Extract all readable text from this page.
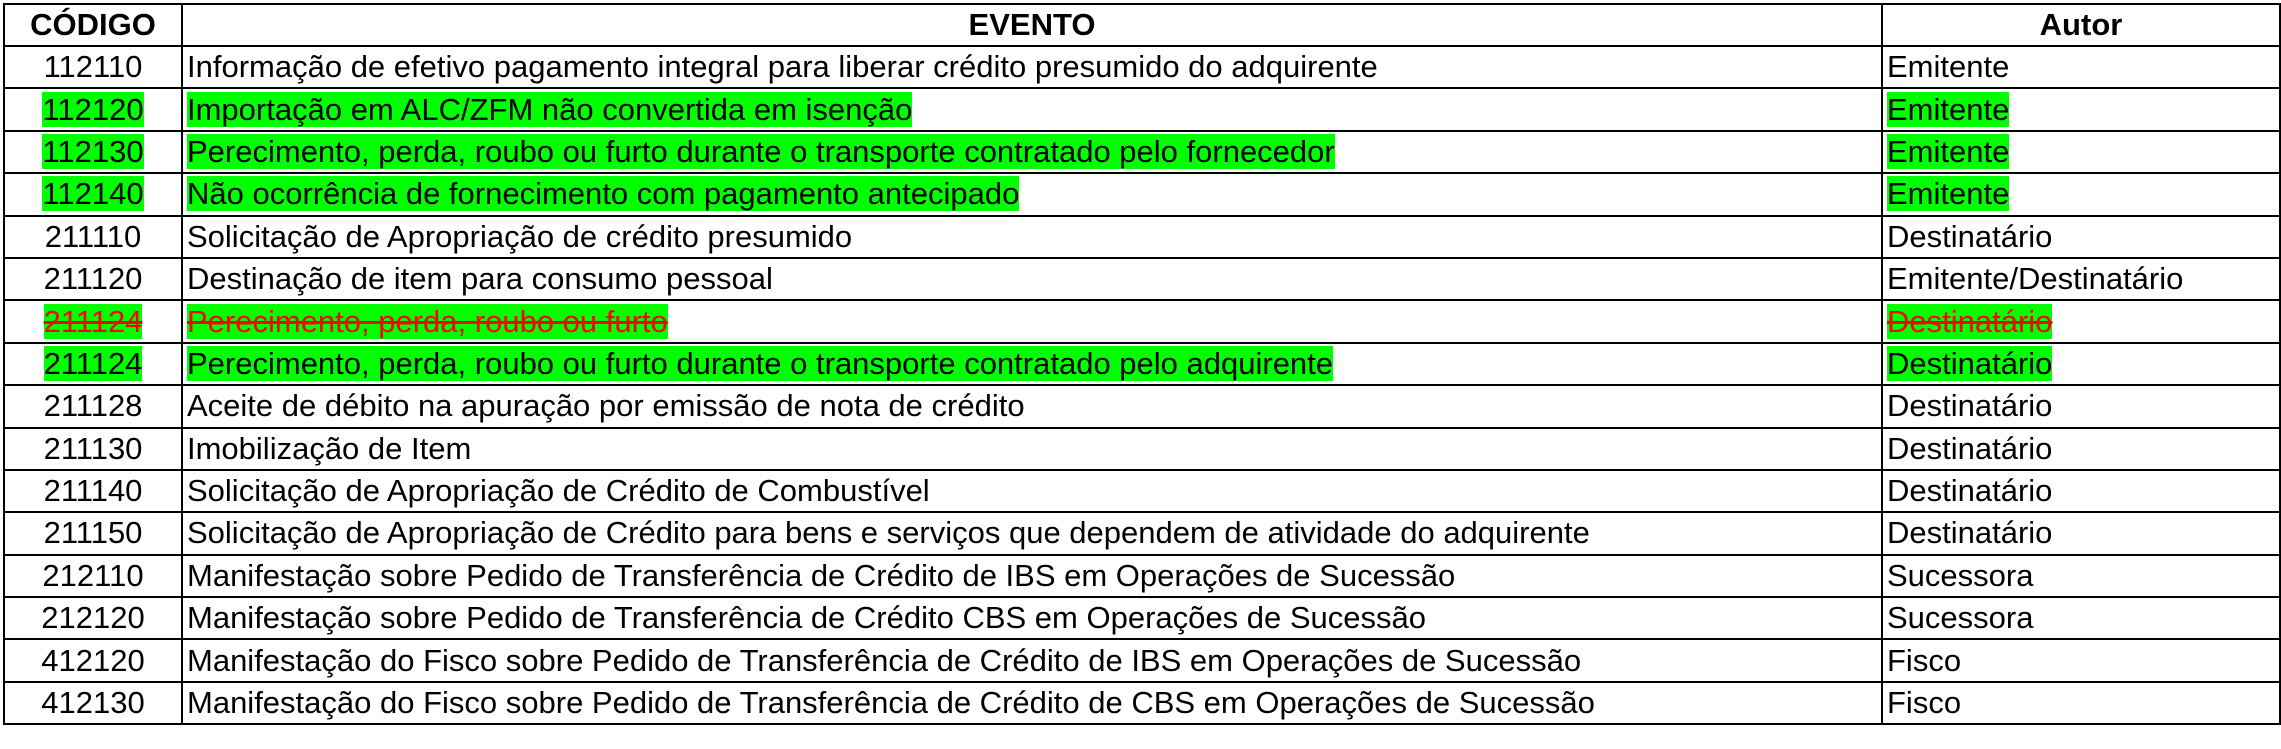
CÓDIGO	EVENTO	Autor
112110	Informação de efetivo pagamento integral para liberar crédito presumido do adquirente	Emitente
112120	Importação em ALC/ZFM não convertida em isenção	Emitente
112130	Perecimento, perda, roubo ou furto durante o transporte contratado pelo fornecedor	Emitente
112140	Não ocorrência de fornecimento com pagamento antecipado	Emitente
211110	Solicitação de Apropriação de crédito presumido	Destinatário
211120	Destinação de item para consumo pessoal	Emitente/Destinatário
211124	Perecimento, perda, roubo ou furto	Destinatário
211124	Perecimento, perda, roubo ou furto durante o transporte contratado pelo adquirente	Destinatário
211128	Aceite de débito na apuração por emissão de nota de crédito	Destinatário
211130	Imobilização de Item	Destinatário
211140	Solicitação de Apropriação de Crédito de Combustível	Destinatário
211150	Solicitação de Apropriação de Crédito para bens e serviços que dependem de atividade do adquirente	Destinatário
212110	Manifestação sobre Pedido de Transferência de Crédito de IBS em Operações de Sucessão	Sucessora
212120	Manifestação sobre Pedido de Transferência de Crédito CBS em Operações de Sucessão	Sucessora
412120	Manifestação do Fisco sobre Pedido de Transferência de Crédito de IBS em Operações de Sucessão	Fisco
412130	Manifestação do Fisco sobre Pedido de Transferência de Crédito de CBS em Operações de Sucessão	Fisco
